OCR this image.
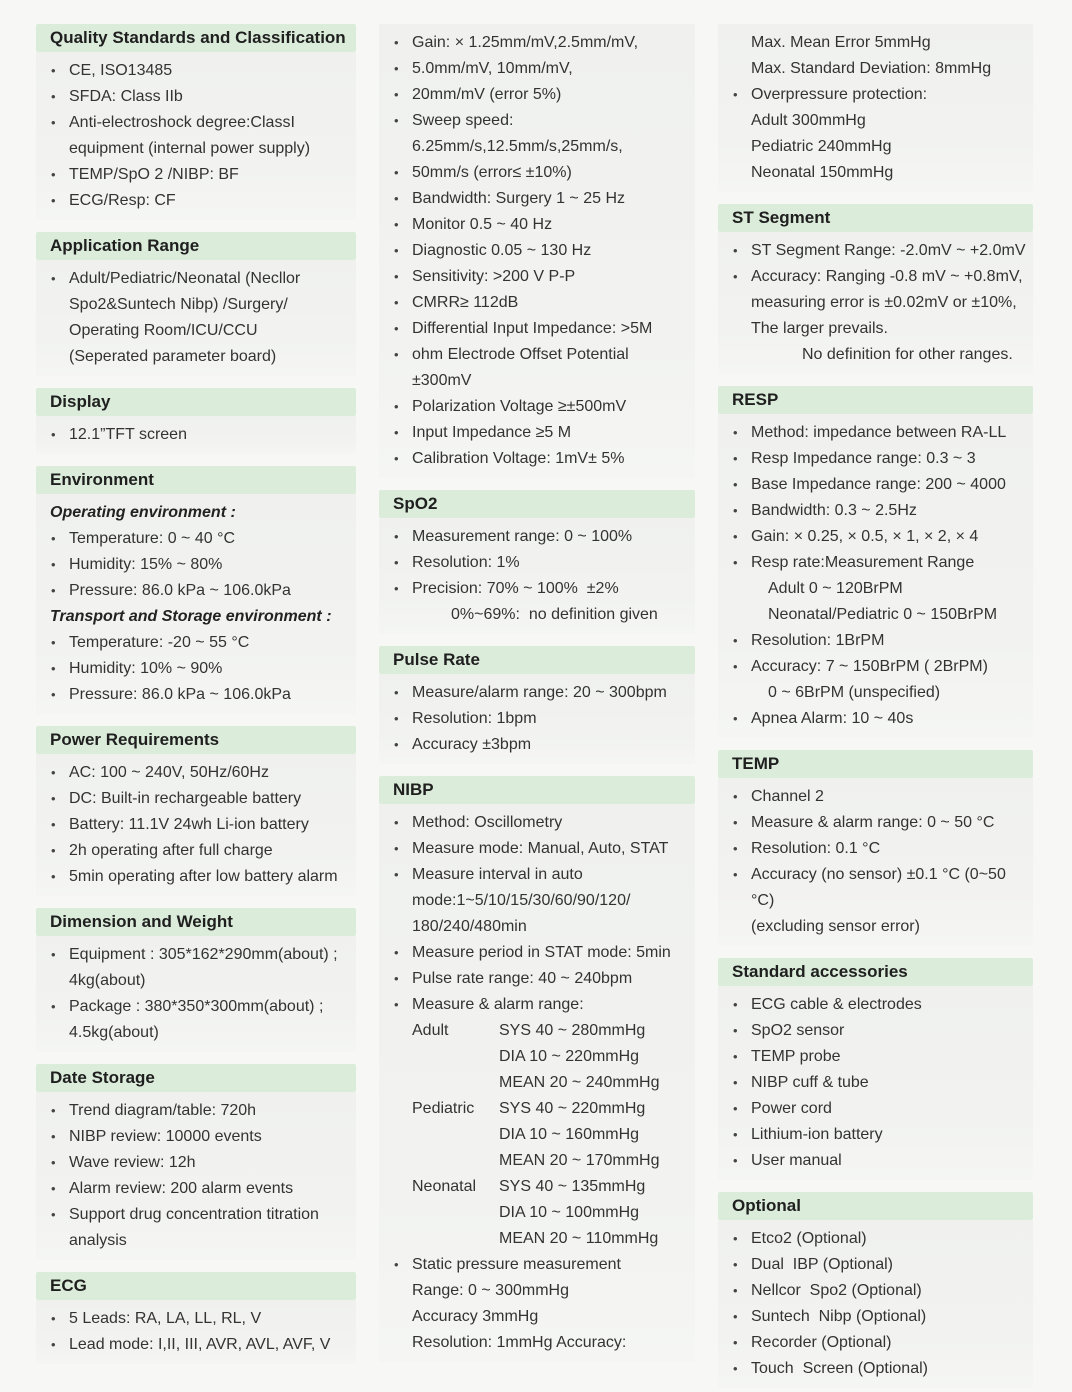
Quality Standards and Classification
• CE, ISO13485
• SFDA: Class IIb
• Anti-electroshock degree:ClassI
equipment (internal power supply)
• TEMP/SpO 2 /NIBP: BF
• ECG/Resp: CF
Application Range
• Adult/Pediatric/Neonatal (Necllor
Spo2&Suntech Nibp) /Surgery/
Operating Room/ICU/CCU
(Seperated parameter board)
Display
• 12.1”TFT screen
Environment
Operating environment :
• Temperature: 0 ~ 40 °C
• Humidity: 15% ~ 80%
• Pressure: 86.0 kPa ~ 106.0kPa
Transport and Storage environment :
• Temperature: -20 ~ 55 °C
• Humidity: 10% ~ 90%
• Pressure: 86.0 kPa ~ 106.0kPa
Power Requirements
• AC: 100 ~ 240V, 50Hz/60Hz
• DC: Built-in rechargeable battery
• Battery: 11.1V 24wh Li-ion battery
• 2h operating after full charge
• 5min operating after low battery alarm
Dimension and Weight
• Equipment : 305*162*290mm(about) ;
4kg(about)
• Package : 380*350*300mm(about) ;
4.5kg(about)
Date Storage
• Trend diagram/table: 720h
• NIBP review: 10000 events
• Wave review: 12h
• Alarm review: 200 alarm events
• Support drug concentration titration
analysis
ECG
• 5 Leads: RA, LA, LL, RL, V
• Lead mode: I,II, III, AVR, AVL, AVF, V
• Gain: × 1.25mm/mV,2.5mm/mV,
• 5.0mm/mV, 10mm/mV,
• 20mm/mV (error 5%)
• Sweep speed:
6.25mm/s,12.5mm/s,25mm/s,
• 50mm/s (error≤ ±10%)
• Bandwidth: Surgery 1 ~ 25 Hz
• Monitor 0.5 ~ 40 Hz
• Diagnostic 0.05 ~ 130 Hz
• Sensitivity: >200 V P-P
• CMRR≥ 112dB
• Differential Input Impedance: >5M
• ohm Electrode Offset Potential ±300mV
• Polarization Voltage ≥±500mV
• Input Impedance ≥5 M
• Calibration Voltage: 1mV± 5%
SpO2
• Measurement range: 0 ~ 100%
• Resolution: 1%
• Precision: 70% ~ 100%  ±2%
0%~69%:  no definition given
Pulse Rate
• Measure/alarm range: 20 ~ 300bpm
• Resolution: 1bpm
• Accuracy ±3bpm
NIBP
• Method: Oscillometry
• Measure mode: Manual, Auto, STAT
• Measure interval in auto
mode:1~5/10/15/30/60/90/120/
180/240/480min
• Measure period in STAT mode: 5min
• Pulse rate range: 40 ~ 240bpm
• Measure & alarm range:
Adult	SYS 40 ~ 280mmHg
DIA 10 ~ 220mmHg
MEAN 20 ~ 240mmHg
Pediatric	SYS 40 ~ 220mmHg
DIA 10 ~ 160mmHg
MEAN 20 ~ 170mmHg
Neonatal	SYS 40 ~ 135mmHg
DIA 10 ~ 100mmHg
MEAN 20 ~ 110mmHg
• Static pressure measurement
Range: 0 ~ 300mmHg
Accuracy 3mmHg
Resolution: 1mmHg Accuracy:
Max. Mean Error 5mmHg
Max. Standard Deviation: 8mmHg
• Overpressure protection:
Adult 300mmHg
Pediatric 240mmHg
Neonatal 150mmHg
ST Segment
• ST Segment Range: -2.0mV ~ +2.0mV
• Accuracy: Ranging -0.8 mV ~ +0.8mV,
measuring error is ±0.02mV or ±10%,
The larger prevails.
No definition for other ranges.
RESP
• Method: impedance between RA-LL
• Resp Impedance range: 0.3 ~ 3
• Base Impedance range: 200 ~ 4000
• Bandwidth: 0.3 ~ 2.5Hz
• Gain: × 0.25, × 0.5, × 1, × 2, × 4
• Resp rate:Measurement Range
Adult 0 ~ 120BrPM
Neonatal/Pediatric 0 ~ 150BrPM
• Resolution: 1BrPM
• Accuracy: 7 ~ 150BrPM ( 2BrPM)
0 ~ 6BrPM (unspecified)
• Apnea Alarm: 10 ~ 40s
TEMP
• Channel 2
• Measure & alarm range: 0 ~ 50 °C
• Resolution: 0.1 °C
• Accuracy (no sensor) ±0.1 °C (0~50 °C)
(excluding sensor error)
Standard accessories
• ECG cable & electrodes
• SpO2 sensor
• TEMP probe
• NIBP cuff & tube
• Power cord
• Lithium-ion battery
• User manual
Optional
• Etco2 (Optional)
• Dual  IBP (Optional)
• Nellcor  Spo2 (Optional)
• Suntech  Nibp (Optional)
• Recorder (Optional)
• Touch  Screen (Optional)
